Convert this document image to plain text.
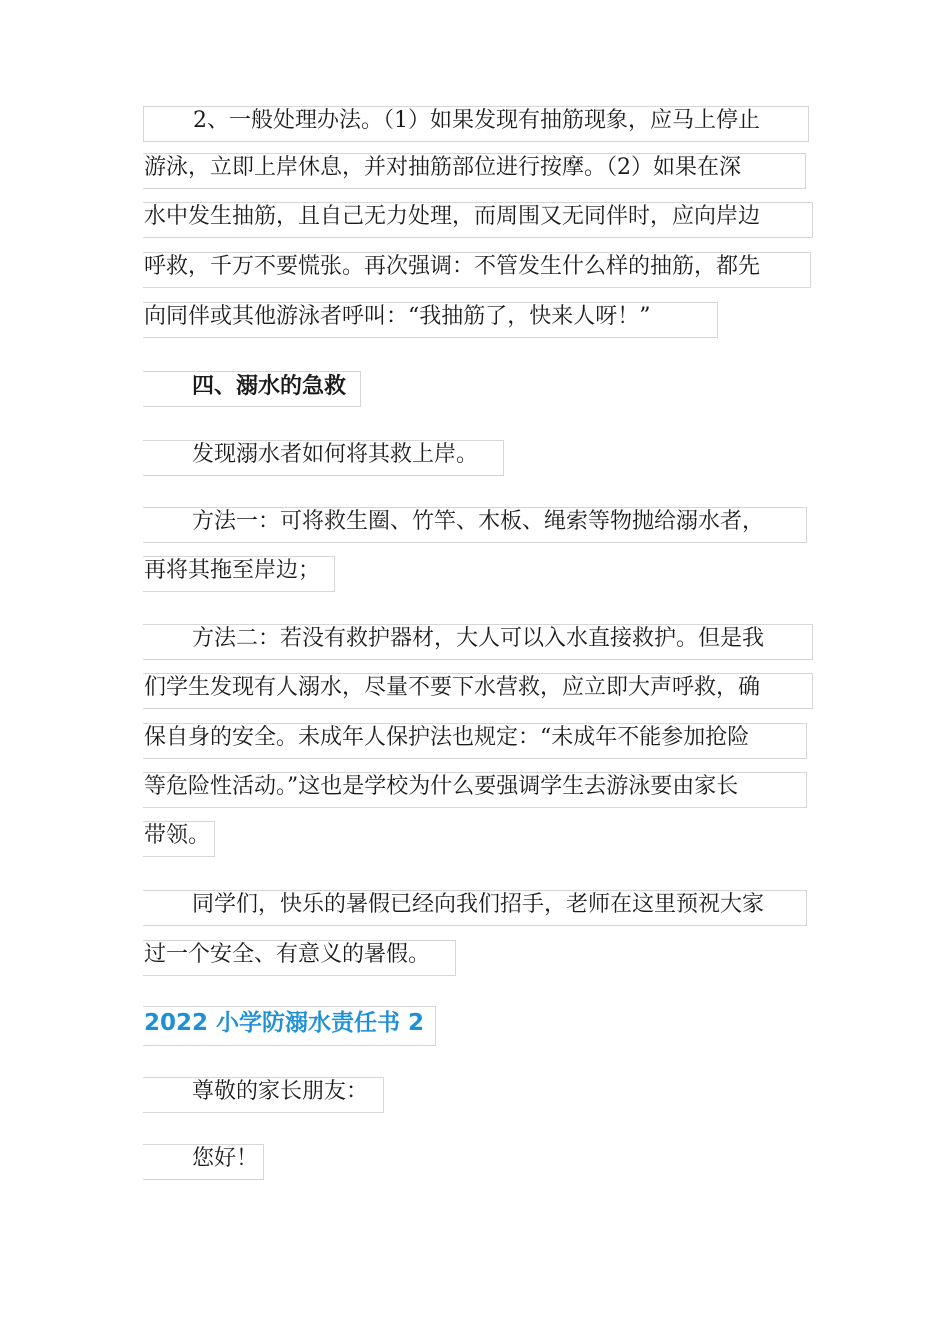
2、一般处理办法。（1）如果发现有抽筋现象，应马上停止
游泳，立即上岸休息，并对抽筋部位进行按摩。（2）如果在深
水中发生抽筋，且自己无力处理，而周围又无同伴时，应向岸边
呼救，千万不要慌张。再次强调：不管发生什么样的抽筋，都先
向同伴或其他游泳者呼叫：“我抽筋了，快来人呀！”
四、溺水的急救
发现溺水者如何将其救上岸。
方法一：可将救生圈、竹竿、木板、绳索等物抛给溺水者，
再将其拖至岸边；
方法二：若没有救护器材，大人可以入水直接救护。但是我
们学生发现有人溺水，尽量不要下水营救，应立即大声呼救，确
保自身的安全。未成年人保护法也规定：“未成年不能参加抢险
等危险性活动。”这也是学校为什么要强调学生去游泳要由家长
带领。
同学们，快乐的暑假已经向我们招手，老师在这里预祝大家
过一个安全、有意义的暑假。
2022 小学防溺水责任书 2
尊敬的家长朋友：
您好！
